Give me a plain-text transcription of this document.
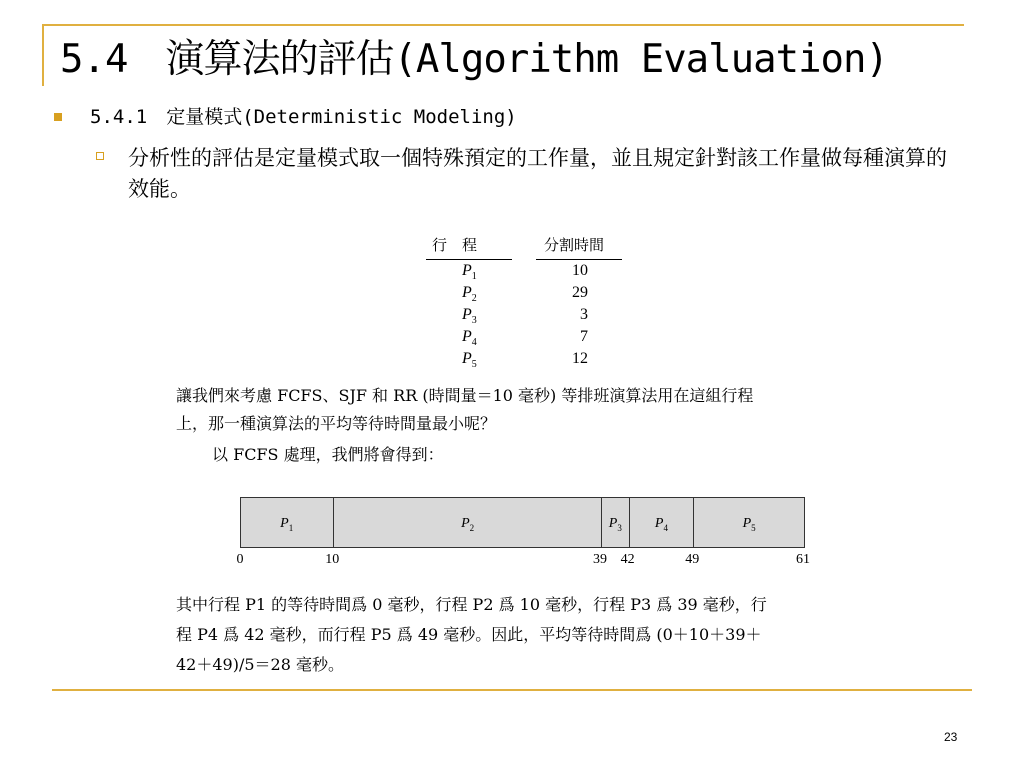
5.4　演算法的評估(Algorithm Evaluation)
5.4.1　定量模式(Deterministic Modeling)
分析性的評估是定量模式取一個特殊預定的工作量，並且規定針對該工作量做每種演算的效能。
行　程	分割時間
$P_1$	10
$P_2$	29
$P_3$	3
$P_4$	7
$P_5$	12
讓我們來考慮 FCFS、SJF 和 RR (時間量＝10 毫秒) 等排班演算法用在這組行程
上，那一種演算法的平均等待時間量最小呢？
以 FCFS 處理，我們將會得到：
$P_1$	$P_2$	$P_3$ $P_4$	$P_5$
0	10	39 42	49	61
其中行程 P1 的等待時間爲 0 毫秒，行程 P2 爲 10 毫秒，行程 P3 爲 39 毫秒，行
程 P4 爲 42 毫秒，而行程 P5 爲 49 毫秒。因此，平均等待時間爲 (0＋10＋39＋
42＋49)/5＝28 毫秒。
23
